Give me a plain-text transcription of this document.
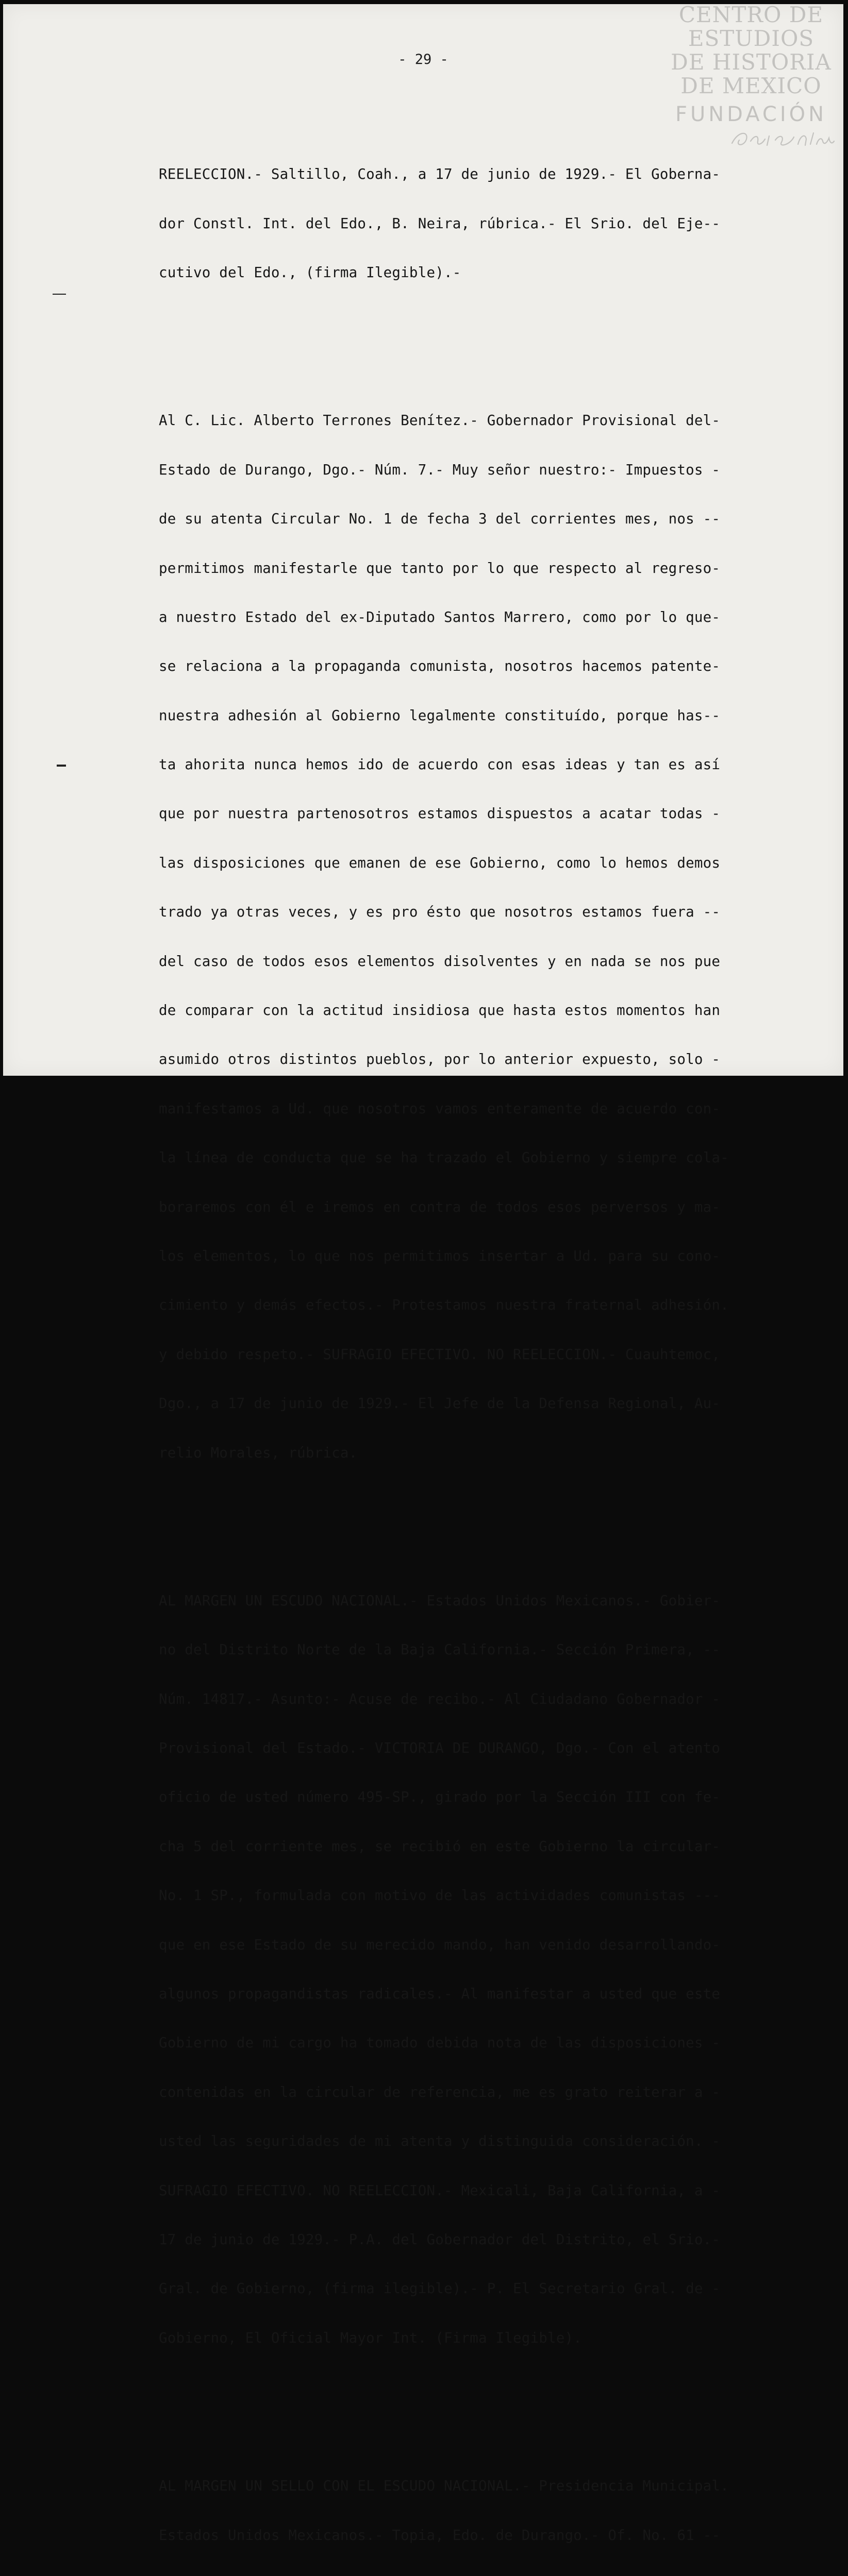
CENTRO DE
ESTUDIOS
DE HISTORIA
DE MEXICO
FUNDACIÓN
- 29 -

REELECCION.- Saltillo, Coah., a 17 de junio de 1929.- El Goberna-

dor Constl. Int. del Edo., B. Neira, rúbrica.- El Srio. del Eje--

cutivo del Edo., (firma Ilegible).-

Al C. Lic. Alberto Terrones Benítez.- Gobernador Provisional del-

Estado de Durango, Dgo.- Núm. 7.- Muy señor nuestro:- Impuestos -

de su atenta Circular No. 1 de fecha 3 del corrientes mes, nos --

permitimos manifestarle que tanto por lo que respecto al regreso-

a nuestro Estado del ex-Diputado Santos Marrero, como por lo que-

se relaciona a la propaganda comunista, nosotros hacemos patente-

nuestra adhesión al Gobierno legalmente constituído, porque has--

ta ahorita nunca hemos ido de acuerdo con esas ideas y tan es así

que por nuestra partenosotros estamos dispuestos a acatar todas -

las disposiciones que emanen de ese Gobierno, como lo hemos demos

trado ya otras veces, y es pro ésto que nosotros estamos fuera --

del caso de todos esos elementos disolventes y en nada se nos pue

de comparar con la actitud insidiosa que hasta estos momentos han

asumido otros distintos pueblos, por lo anterior expuesto, solo -

manifestamos a Ud. que nosotros vamos enteramente de acuerdo con-

la línea de conducta que se ha trazado el Gobierno y siempre cola-

boraremos con él e iremos en contra de todos esos perversos y ma-

los elementos, lo que nos permitimos insertar a Ud. para su cono-

cimiento y demás efectos.- Protestamos nuestra fraternal adhesión.

y debido respeto.- SUFRAGIO EFECTIVO. NO REELECCION.- Cuauhtemoc,

Dgo., a 17 de junio de 1929.- El Jefe de la Defensa Regional, Au-

relio Morales, rúbrica.

AL MARGEN UN ESCUDO NACIONAL.- Estados Unidos Mexicanos.- Gobier-

no del Distrito Norte de la Baja California.- Sección Primera, --

Núm. 14817.- Asunto:- Acuse de recibo.- Al Ciudadano Gobernador -

Provisional del Estado.- VICTORIA DE DURANGO, Dgo.- Con el atento

oficio de usted número 495-SP., girado por la Sección III con fe-

cha 5 del corriente mes, se recibió en este Gobierno la circular-

No. 1 SP., formulada con motivo de las actividades comunistas ---

que en ese Estado de su merecido mando, han venido desarrollando-

algunos propagandistas radicales.- Al manifestar a usted que este

Gobierno de mi cargo ha tomado debida nota de las disposiciones -

contenidas en la circular de referencia, me es grato reiterar a -

usted las seguridades de mi atenta y distinguida consideración. -

SUFRAGIO EFECTIVO. NO REELECCION.- Mexicali, Baja California, a -

17 de junio de 1929.- P.A. del Gobernador del Distrito, el Srio.-

Gral. de Gobierno, (firma ilegible).- P. El Secretario Gral. de -

Gobierno, El Oficial Mayor Int. (Firma Ilegible).

AL MARGEN UN SELLO CON EL ESCUDO NACIONAL.- Presidencia Municipal.

Estados Unidos Mexicanos.- Topia, Edo. de Durango.- Of. No. 61 --
